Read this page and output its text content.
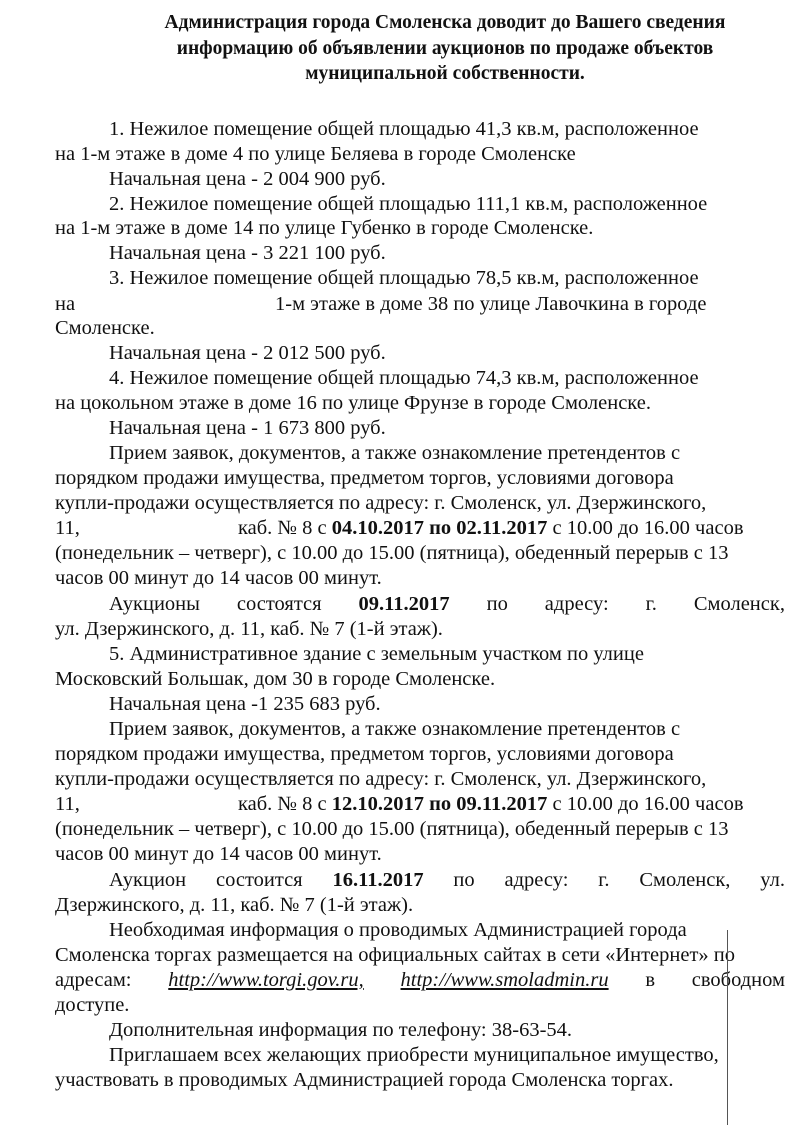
Администрация города Смоленска доводит до Вашего сведения
информацию об объявлении аукционов по продаже объектов
муниципальной собственности.
1. Нежилое помещение общей площадью 41,3 кв.м, расположенное
на 1-м этаже в доме 4 по улице Беляева в городе Смоленске
Начальная цена - 2 004 900 руб.
2. Нежилое помещение общей площадью 111,1 кв.м, расположенное
на 1-м этаже в доме 14 по улице Губенко в городе Смоленске.
Начальная цена - 3 221 100 руб.
3. Нежилое помещение общей площадью 78,5 кв.м, расположенное
на	1-м этаже в доме 38 по улице Лавочкина в городе
Смоленске.
Начальная цена - 2 012 500 руб.
4. Нежилое помещение общей площадью 74,3 кв.м, расположенное
на цокольном этаже в доме 16 по улице Фрунзе в городе Смоленске.
Начальная цена - 1 673 800 руб.
Прием заявок, документов, а также ознакомление претендентов с
порядком продажи имущества, предметом торгов, условиями договора
купли-продажи осуществляется по адресу: г. Смоленск, ул. Дзержинского,
11,	каб. № 8 с 04.10.2017 по 02.11.2017 с 10.00 до 16.00 часов
(понедельник – четверг), с 10.00 до 15.00 (пятница), обеденный перерыв с 13
часов 00 минут до 14 часов 00 минут.
Аукционы состоятся 09.11.2017 по адресу: г. Смоленск,
ул. Дзержинского, д. 11, каб. № 7 (1-й этаж).
5. Административное здание с земельным участком по улице
Московский Большак, дом 30 в городе Смоленске.
Начальная цена -1 235 683 руб.
Прием заявок, документов, а также ознакомление претендентов с
порядком продажи имущества, предметом торгов, условиями договора
купли-продажи осуществляется по адресу: г. Смоленск, ул. Дзержинского,
11,	каб. № 8 с 12.10.2017 по 09.11.2017 с 10.00 до 16.00 часов
(понедельник – четверг), с 10.00 до 15.00 (пятница), обеденный перерыв с 13
часов 00 минут до 14 часов 00 минут.
Аукцион состоится 16.11.2017 по адресу: г. Смоленск, ул.
Дзержинского, д. 11, каб. № 7 (1-й этаж).
Необходимая информация о проводимых Администрацией города
Смоленска торгах размещается на официальных сайтах в сети «Интернет» по
адресам: http://www.torgi.gov.ru, http://www.smoladmin.ru в свободном
доступе.
Дополнительная информация по телефону: 38-63-54.
Приглашаем всех желающих приобрести муниципальное имущество,
участвовать в проводимых Администрацией города Смоленска торгах.
